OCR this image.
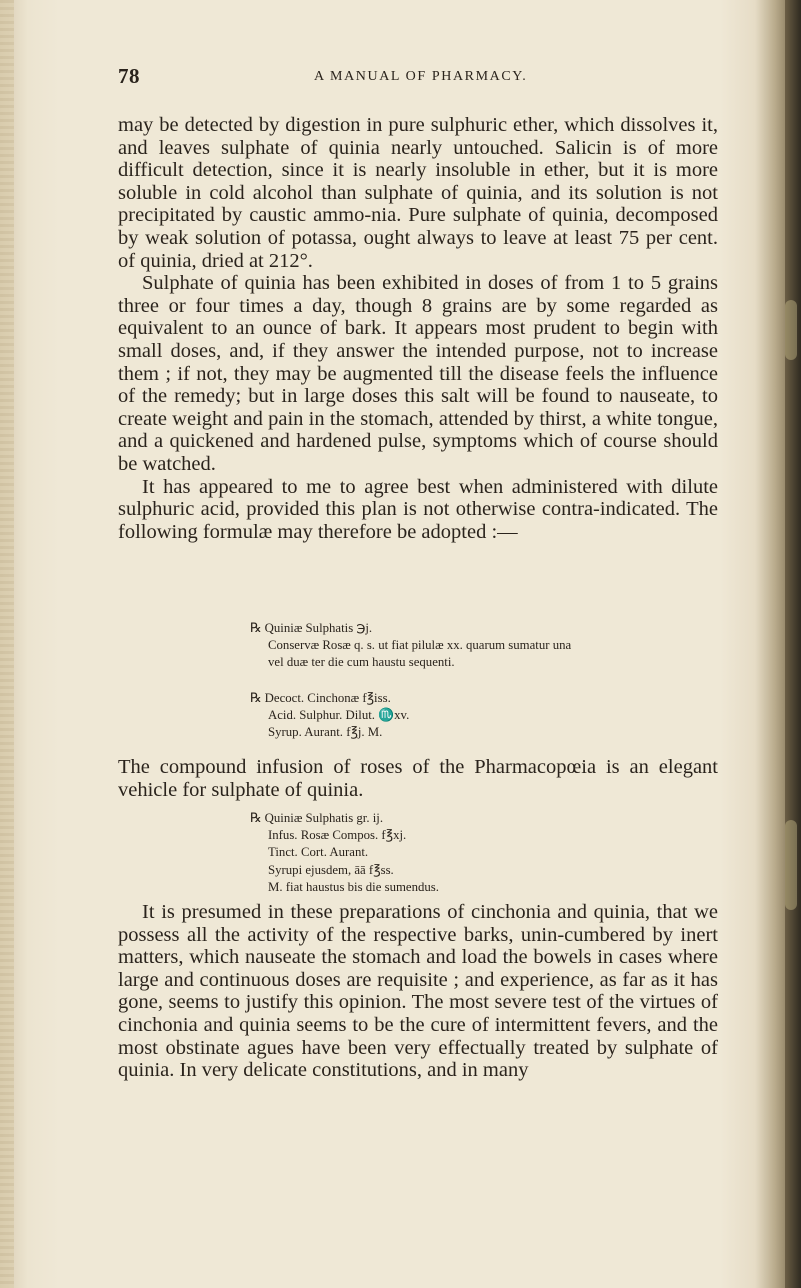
78	A MANUAL OF PHARMACY.

may be detected by digestion in pure sulphuric ether, which dissolves it, and leaves sulphate of quinia nearly untouched. Salicin is of more difficult detection, since it is nearly insoluble in ether, but it is more soluble in cold alcohol than sulphate of quinia, and its solution is not precipitated by caustic ammo-nia. Pure sulphate of quinia, decomposed by weak solution of potassa, ought always to leave at least 75 per cent. of quinia, dried at 212°.

Sulphate of quinia has been exhibited in doses of from 1 to 5 grains three or four times a day, though 8 grains are by some regarded as equivalent to an ounce of bark. It appears most prudent to begin with small doses, and, if they answer the intended purpose, not to increase them ; if not, they may be augmented till the disease feels the influence of the remedy; but in large doses this salt will be found to nauseate, to create weight and pain in the stomach, attended by thirst, a white tongue, and a quickened and hardened pulse, symptoms which of course should be watched.

It has appeared to me to agree best when administered with dilute sulphuric acid, provided this plan is not otherwise contra-indicated. The following formulæ may therefore be adopted :—

℞ Quiniæ Sulphatis ℈j.
Conservæ Rosæ q. s. ut fiat pilulæ xx. quarum sumatur una
vel duæ ter die cum haustu sequenti.
℞ Decoct. Cinchonæ f℥iss.
Acid. Sulphur. Dilut. ♏xv.
Syrup. Aurant. f℥j. M.

The compound infusion of roses of the Pharmacopœia is an elegant vehicle for sulphate of quinia.

℞ Quiniæ Sulphatis gr. ij.
Infus. Rosæ Compos. f℥xj.
Tinct. Cort. Aurant.
Syrupi ejusdem, āā f℥ss.
M. fiat haustus bis die sumendus.

It is presumed in these preparations of cinchonia and quinia, that we possess all the activity of the respective barks, unin-cumbered by inert matters, which nauseate the stomach and load the bowels in cases where large and continuous doses are requisite ; and experience, as far as it has gone, seems to justify this opinion. The most severe test of the virtues of cinchonia and quinia seems to be the cure of intermittent fevers, and the most obstinate agues have been very effectually treated by sulphate of quinia. In very delicate constitutions, and in many
